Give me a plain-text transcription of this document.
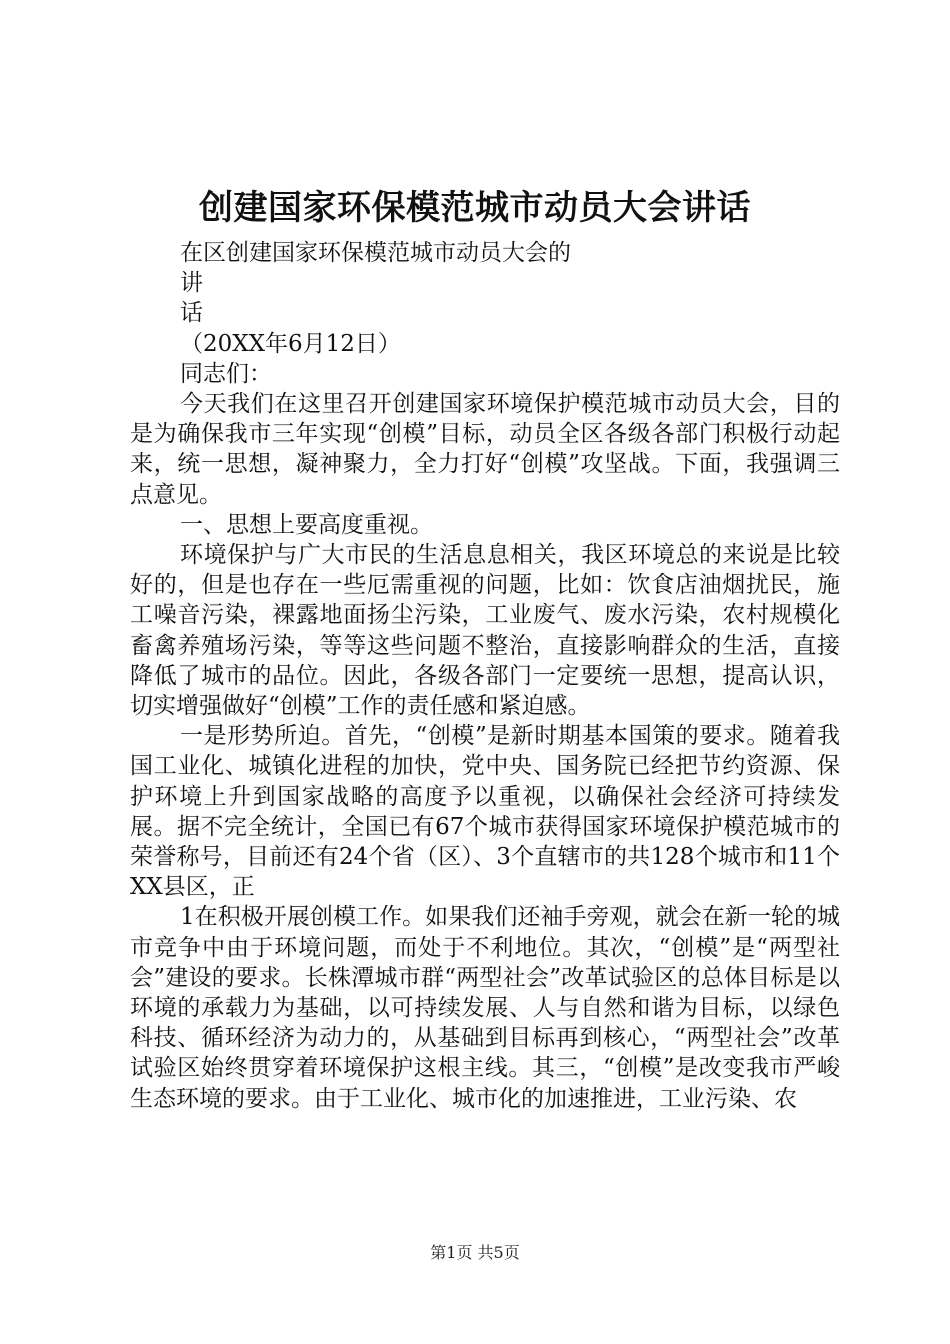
创建国家环保模范城市动员大会讲话
在区创建国家环保模范城市动员大会的
讲
话
（20XX年6月12日）
同志们：

今天我们在这里召开创建国家环境保护模范城市动员大会，目的是为确保我市三年实现“创模”目标，动员全区各级各部门积极行动起来，统一思想，凝神聚力，全力打好“创模”攻坚战。下面，我强调三点意见。

一、思想上要高度重视。

环境保护与广大市民的生活息息相关，我区环境总的来说是比较好的，但是也存在一些厄需重视的问题，比如：饮食店油烟扰民，施工噪音污染，裸露地面扬尘污染，工业废气、废水污染，农村规模化畜禽养殖场污染，等等这些问题不整治，直接影响群众的生活，直接降低了城市的品位。因此，各级各部门一定要统一思想，提高认识，切实增强做好“创模”工作的责任感和紧迫感。

一是形势所迫。首先，“创模”是新时期基本国策的要求。随着我国工业化、城镇化进程的加快，党中央、国务院已经把节约资源、保护环境上升到国家战略的高度予以重视，以确保社会经济可持续发展。据不完全统计，全国已有67个城市获得国家环境保护模范城市的荣誉称号，目前还有24个省（区）、3个直辖市的共128个城市和11个XX县区，正

1在积极开展创模工作。如果我们还袖手旁观，就会在新一轮的城市竞争中由于环境问题，而处于不利地位。其次，“创模”是“两型社会”建设的要求。长株潭城市群“两型社会”改革试验区的总体目标是以环境的承载力为基础，以可持续发展、人与自然和谐为目标，以绿色科技、循环经济为动力的，从基础到目标再到核心，“两型社会”改革试验区始终贯穿着环境保护这根主线。其三，“创模”是改变我市严峻生态环境的要求。由于工业化、城市化的加速推进，工业污染、农

第1页 共5页
